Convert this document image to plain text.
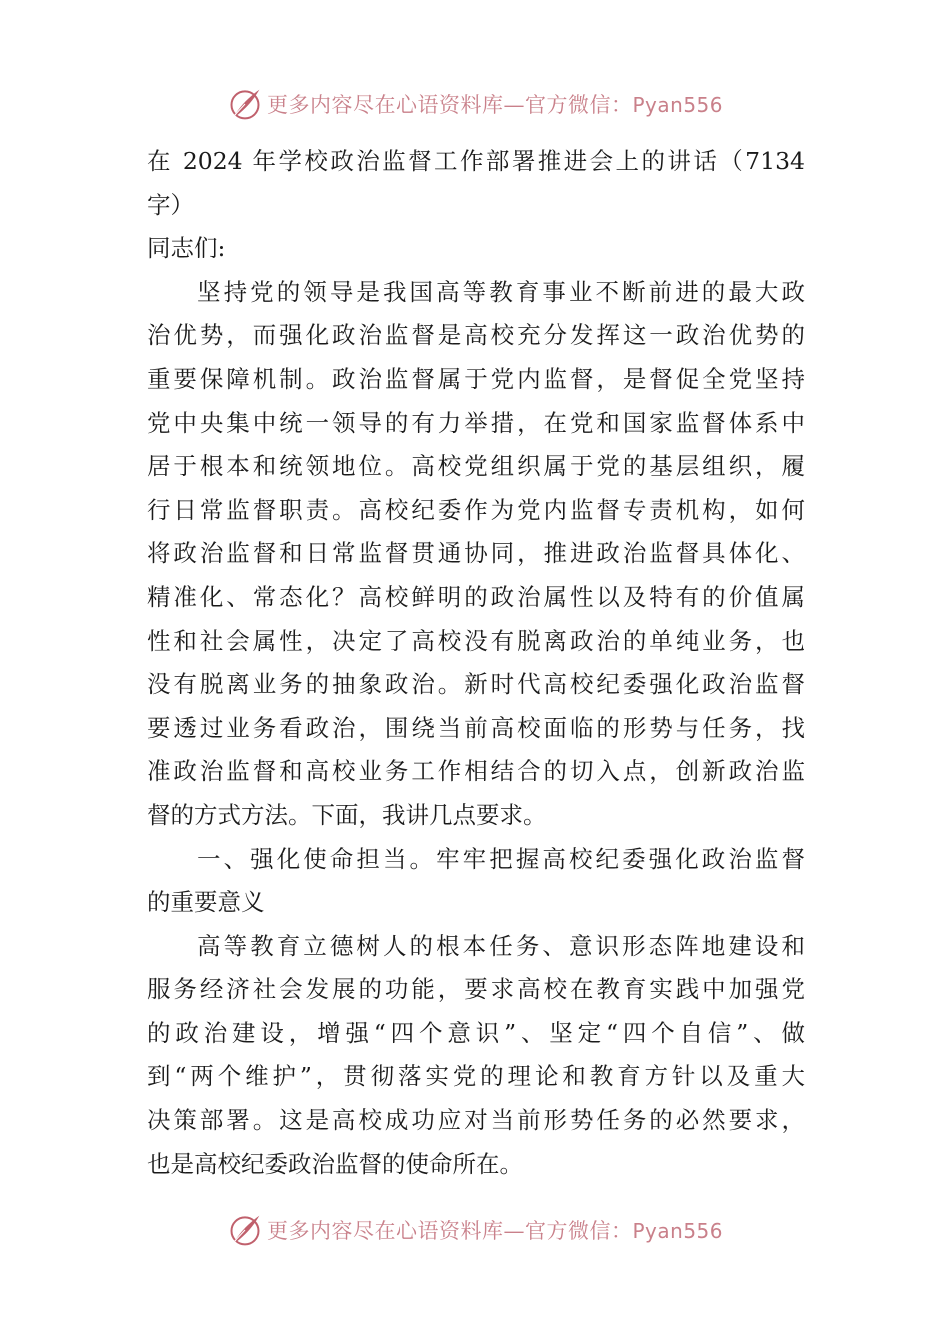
更多内容尽在心语资料库—官方微信：Pyan556
在 2024 年学校政治监督工作部署推进会上的讲话（7134
字）
同志们:
坚持党的领导是我国高等教育事业不断前进的最大政
治优势，而强化政治监督是高校充分发挥这一政治优势的
重要保障机制。政治监督属于党内监督，是督促全党坚持
党中央集中统一领导的有力举措，在党和国家监督体系中
居于根本和统领地位。高校党组织属于党的基层组织，履
行日常监督职责。高校纪委作为党内监督专责机构，如何
将政治监督和日常监督贯通协同，推进政治监督具体化、
精准化、常态化？高校鲜明的政治属性以及特有的价值属
性和社会属性，决定了高校没有脱离政治的单纯业务，也
没有脱离业务的抽象政治。新时代高校纪委强化政治监督
要透过业务看政治，围绕当前高校面临的形势与任务，找
准政治监督和高校业务工作相结合的切入点，创新政治监
督的方式方法。下面，我讲几点要求。
一、强化使命担当。牢牢把握高校纪委强化政治监督
的重要意义
高等教育立德树人的根本任务、意识形态阵地建设和
服务经济社会发展的功能，要求高校在教育实践中加强党
的政治建设，增强“四个意识”、坚定“四个自信”、做
到“两个维护”，贯彻落实党的理论和教育方针以及重大
决策部署。这是高校成功应对当前形势任务的必然要求，
也是高校纪委政治监督的使命所在。
更多内容尽在心语资料库—官方微信：Pyan556
